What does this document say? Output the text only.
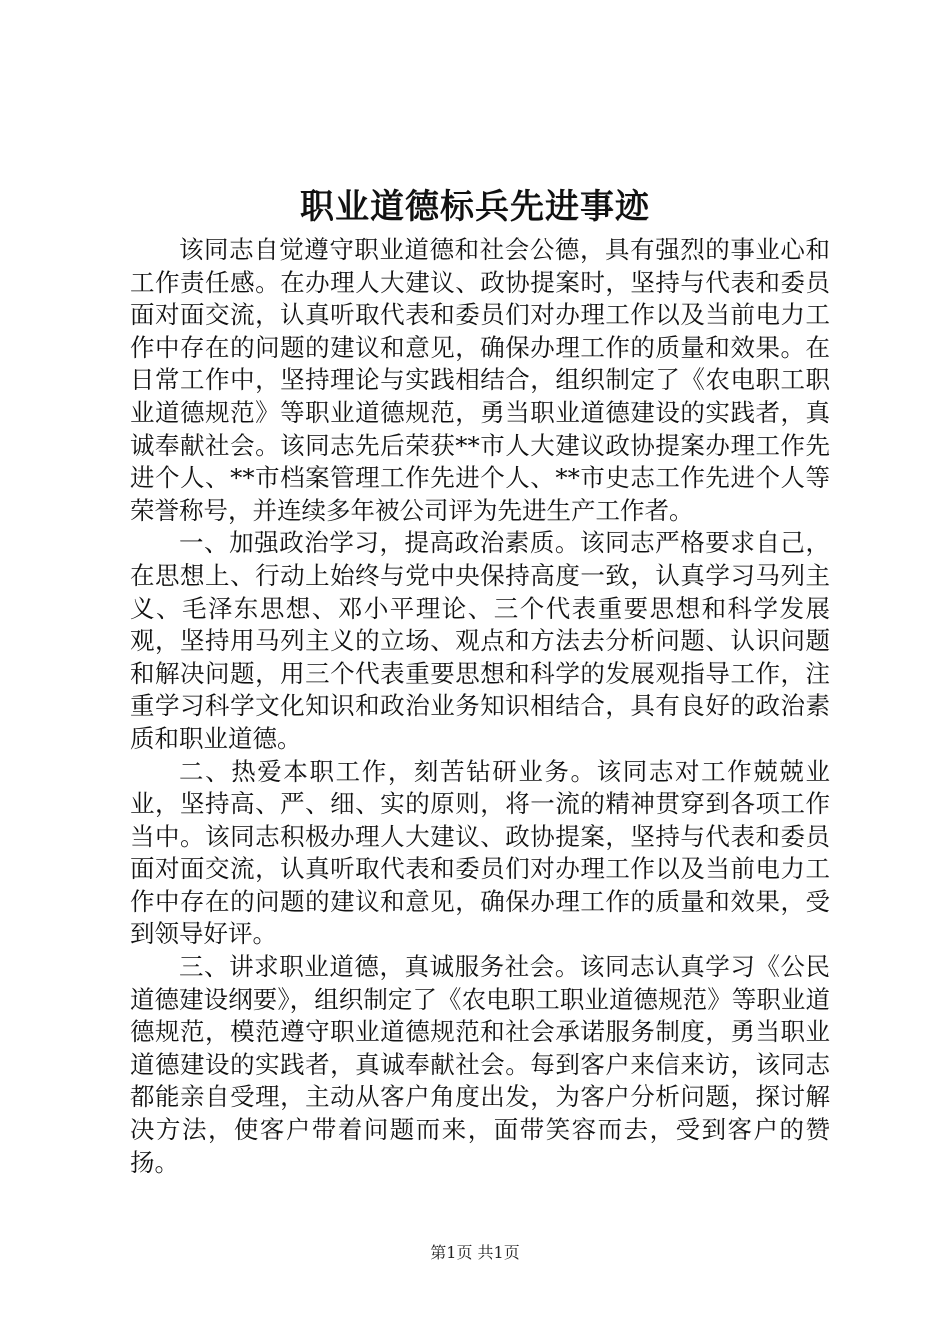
职业道德标兵先进事迹

该同志自觉遵守职业道德和社会公德，具有强烈的事业心和工作责任感。在办理人大建议、政协提案时，坚持与代表和委员面对面交流，认真听取代表和委员们对办理工作以及当前电力工作中存在的问题的建议和意见，确保办理工作的质量和效果。在日常工作中，坚持理论与实践相结合，组织制定了《农电职工职业道德规范》等职业道德规范，勇当职业道德建设的实践者，真诚奉献社会。该同志先后荣获**市人大建议政协提案办理工作先进个人、**市档案管理工作先进个人、**市史志工作先进个人等荣誉称号，并连续多年被公司评为先进生产工作者。

一、加强政治学习，提高政治素质。该同志严格要求自己，在思想上、行动上始终与党中央保持高度一致，认真学习马列主义、毛泽东思想、邓小平理论、三个代表重要思想和科学发展观，坚持用马列主义的立场、观点和方法去分析问题、认识问题和解决问题，用三个代表重要思想和科学的发展观指导工作，注重学习科学文化知识和政治业务知识相结合，具有良好的政治素质和职业道德。

二、热爱本职工作，刻苦钻研业务。该同志对工作兢兢业业，坚持高、严、细、实的原则，将一流的精神贯穿到各项工作当中。该同志积极办理人大建议、政协提案，坚持与代表和委员面对面交流，认真听取代表和委员们对办理工作以及当前电力工作中存在的问题的建议和意见，确保办理工作的质量和效果，受到领导好评。

三、讲求职业道德，真诚服务社会。该同志认真学习《公民道德建设纲要》，组织制定了《农电职工职业道德规范》等职业道德规范，模范遵守职业道德规范和社会承诺服务制度，勇当职业道德建设的实践者，真诚奉献社会。每到客户来信来访，该同志都能亲自受理，主动从客户角度出发，为客户分析问题，探讨解决方法，使客户带着问题而来，面带笑容而去，受到客户的赞扬。

第1页 共1页
